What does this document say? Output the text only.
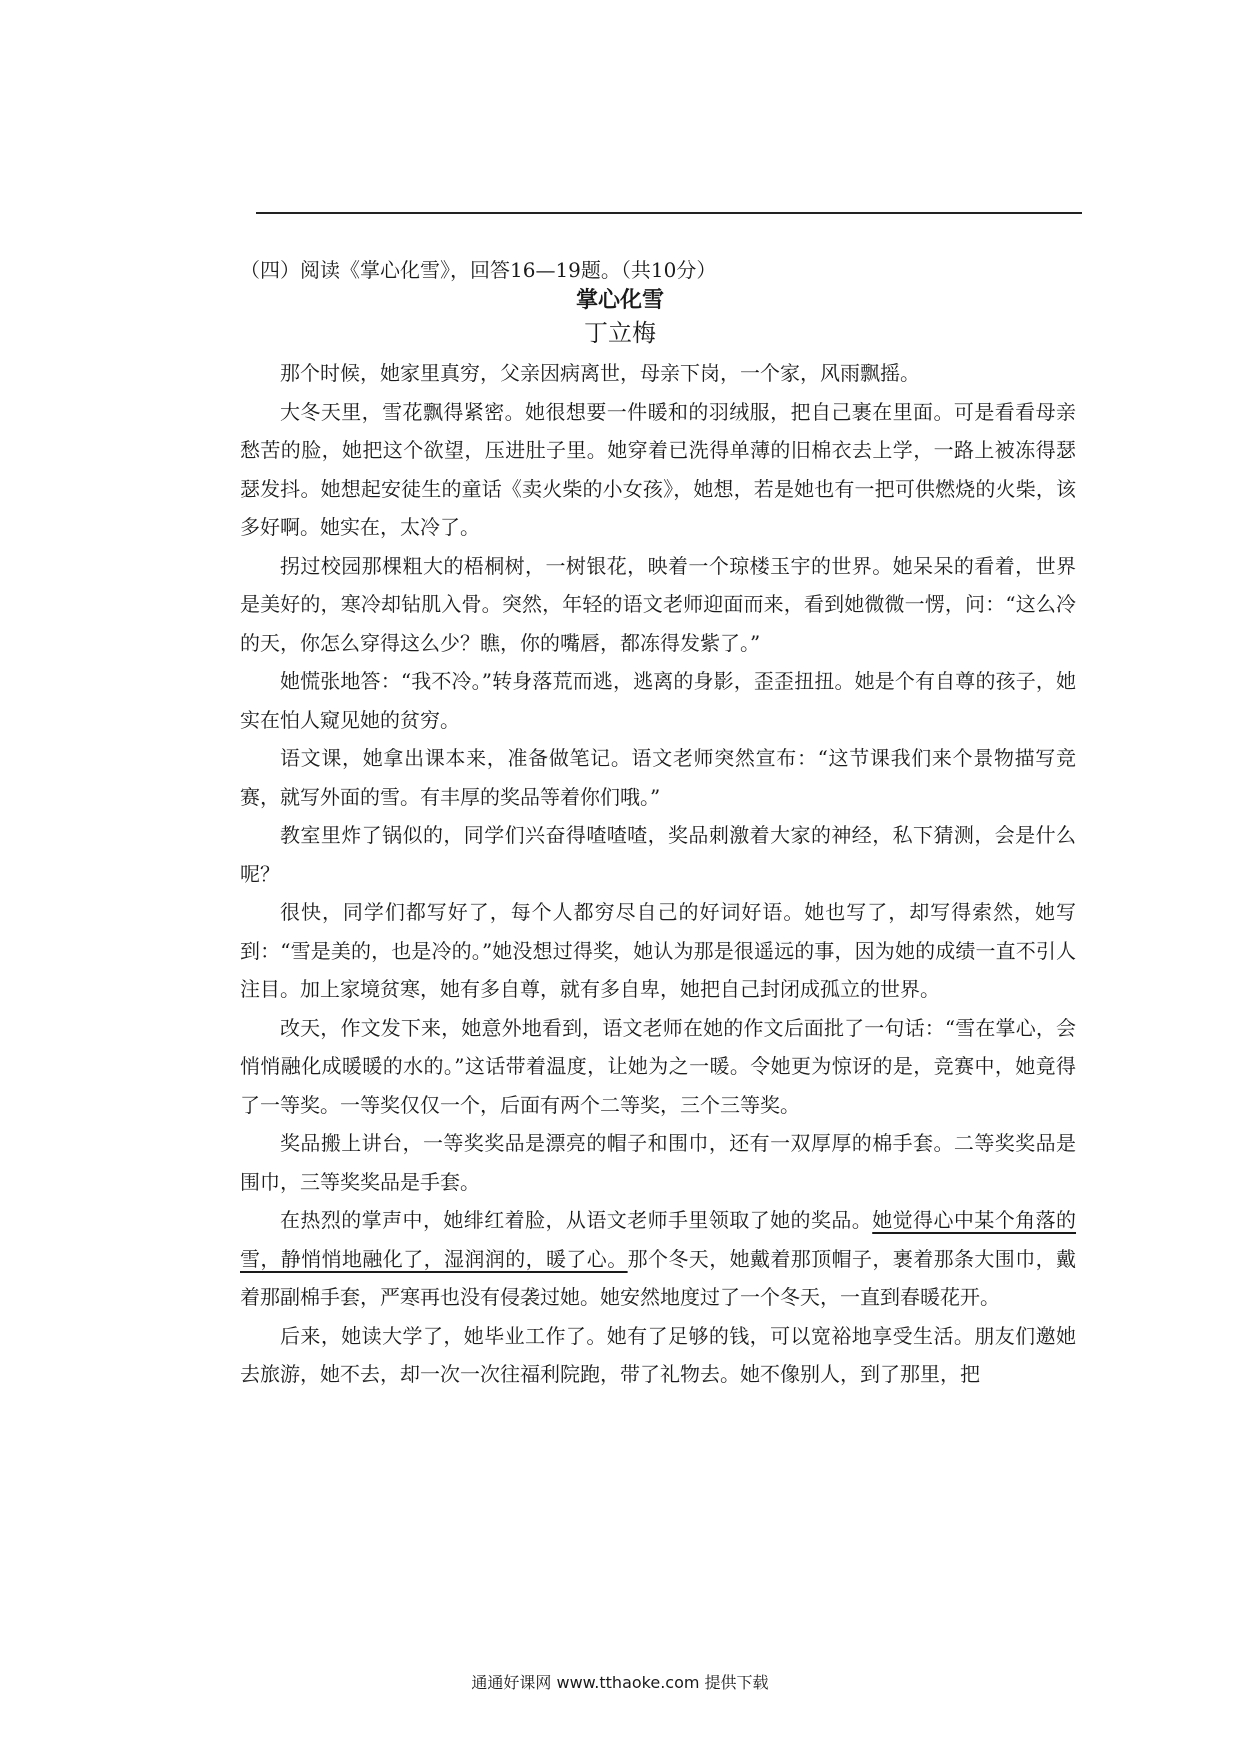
（四）阅读《掌心化雪》，回答16—19题。（共10分）
掌心化雪
丁立梅

那个时候，她家里真穷，父亲因病离世，母亲下岗，一个家，风雨飘摇。

大冬天里，雪花飘得紧密。她很想要一件暖和的羽绒服，把自己裹在里面。可是看看母亲愁苦的脸，她把这个欲望，压进肚子里。她穿着已洗得单薄的旧棉衣去上学，一路上被冻得瑟瑟发抖。她想起安徒生的童话《卖火柴的小女孩》，她想，若是她也有一把可供燃烧的火柴，该多好啊。她实在，太冷了。

拐过校园那棵粗大的梧桐树，一树银花，映着一个琼楼玉宇的世界。她呆呆的看着，世界是美好的，寒冷却钻肌入骨。突然，年轻的语文老师迎面而来，看到她微微一愣，问：“这么冷的天，你怎么穿得这么少？瞧，你的嘴唇，都冻得发紫了。”

她慌张地答：“我不冷。”转身落荒而逃，逃离的身影，歪歪扭扭。她是个有自尊的孩子，她实在怕人窥见她的贫穷。

语文课，她拿出课本来，准备做笔记。语文老师突然宣布：“这节课我们来个景物描写竞赛，就写外面的雪。有丰厚的奖品等着你们哦。”

教室里炸了锅似的，同学们兴奋得喳喳喳，奖品刺激着大家的神经，私下猜测，会是什么呢？

很快，同学们都写好了，每个人都穷尽自己的好词好语。她也写了，却写得索然，她写到：“雪是美的，也是冷的。”她没想过得奖，她认为那是很遥远的事，因为她的成绩一直不引人注目。加上家境贫寒，她有多自尊，就有多自卑，她把自己封闭成孤立的世界。

改天，作文发下来，她意外地看到，语文老师在她的作文后面批了一句话：“雪在掌心，会悄悄融化成暖暖的水的。”这话带着温度，让她为之一暖。令她更为惊讶的是，竞赛中，她竟得了一等奖。一等奖仅仅一个，后面有两个二等奖，三个三等奖。

奖品搬上讲台，一等奖奖品是漂亮的帽子和围巾，还有一双厚厚的棉手套。二等奖奖品是围巾，三等奖奖品是手套。

在热烈的掌声中，她绯红着脸，从语文老师手里领取了她的奖品。她觉得心中某个角落的雪，静悄悄地融化了，湿润润的，暖了心。那个冬天，她戴着那顶帽子，裹着那条大围巾，戴着那副棉手套，严寒再也没有侵袭过她。她安然地度过了一个冬天，一直到春暖花开。

后来，她读大学了，她毕业工作了。她有了足够的钱，可以宽裕地享受生活。朋友们邀她去旅游，她不去，却一次一次往福利院跑，带了礼物去。她不像别人，到了那里，把

通通好课网 www.tthaoke.com 提供下载
